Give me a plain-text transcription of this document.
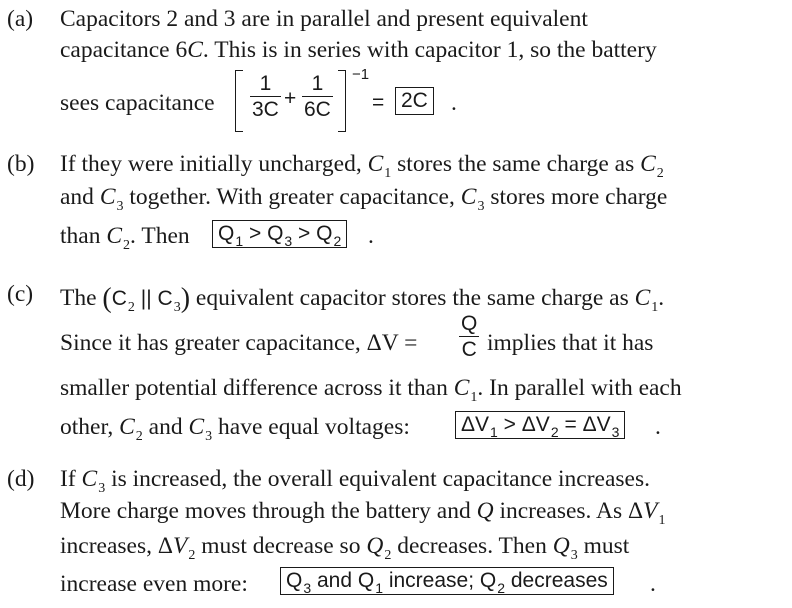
(a) Capacitors 2 and 3 are in parallel and present equivalent
capacitance 6C. This is in series with capacitor 1, so the battery
sees capacitance $\frac{1}{3C} + \frac{1}{6C} -1$
= 2C .
(b) If they were initially uncharged, $C_1$ stores the same charge as $C_2$
and $C_3$ together. With greater capacitance, $C_3$ stores more charge
than $C_2$. Then $Q_1 > Q_3 > Q_2$ .
(c) The ($C_2$ || $C_3$) equivalent capacitor stores the same charge as $C_1$.
Since it has greater capacitance, $\Delta V = \frac{Q}{C}$ implies that it has
smaller potential difference across it than $C_1$. In parallel with each
other, $C_2$ and $C_3$ have equal voltages: $\Delta V_1 > \Delta V_2 = \Delta V_3$ .
(d) If $C_3$ is increased, the overall equivalent capacitance increases.
More charge moves through the battery and Q increases. As $\Delta V_1$
increases, $\Delta V_2$ must decrease so $Q_2$ decreases. Then $Q_3$ must
increase even more: $Q_3$ and $Q_1$ increase; $Q_2$ decreases .
